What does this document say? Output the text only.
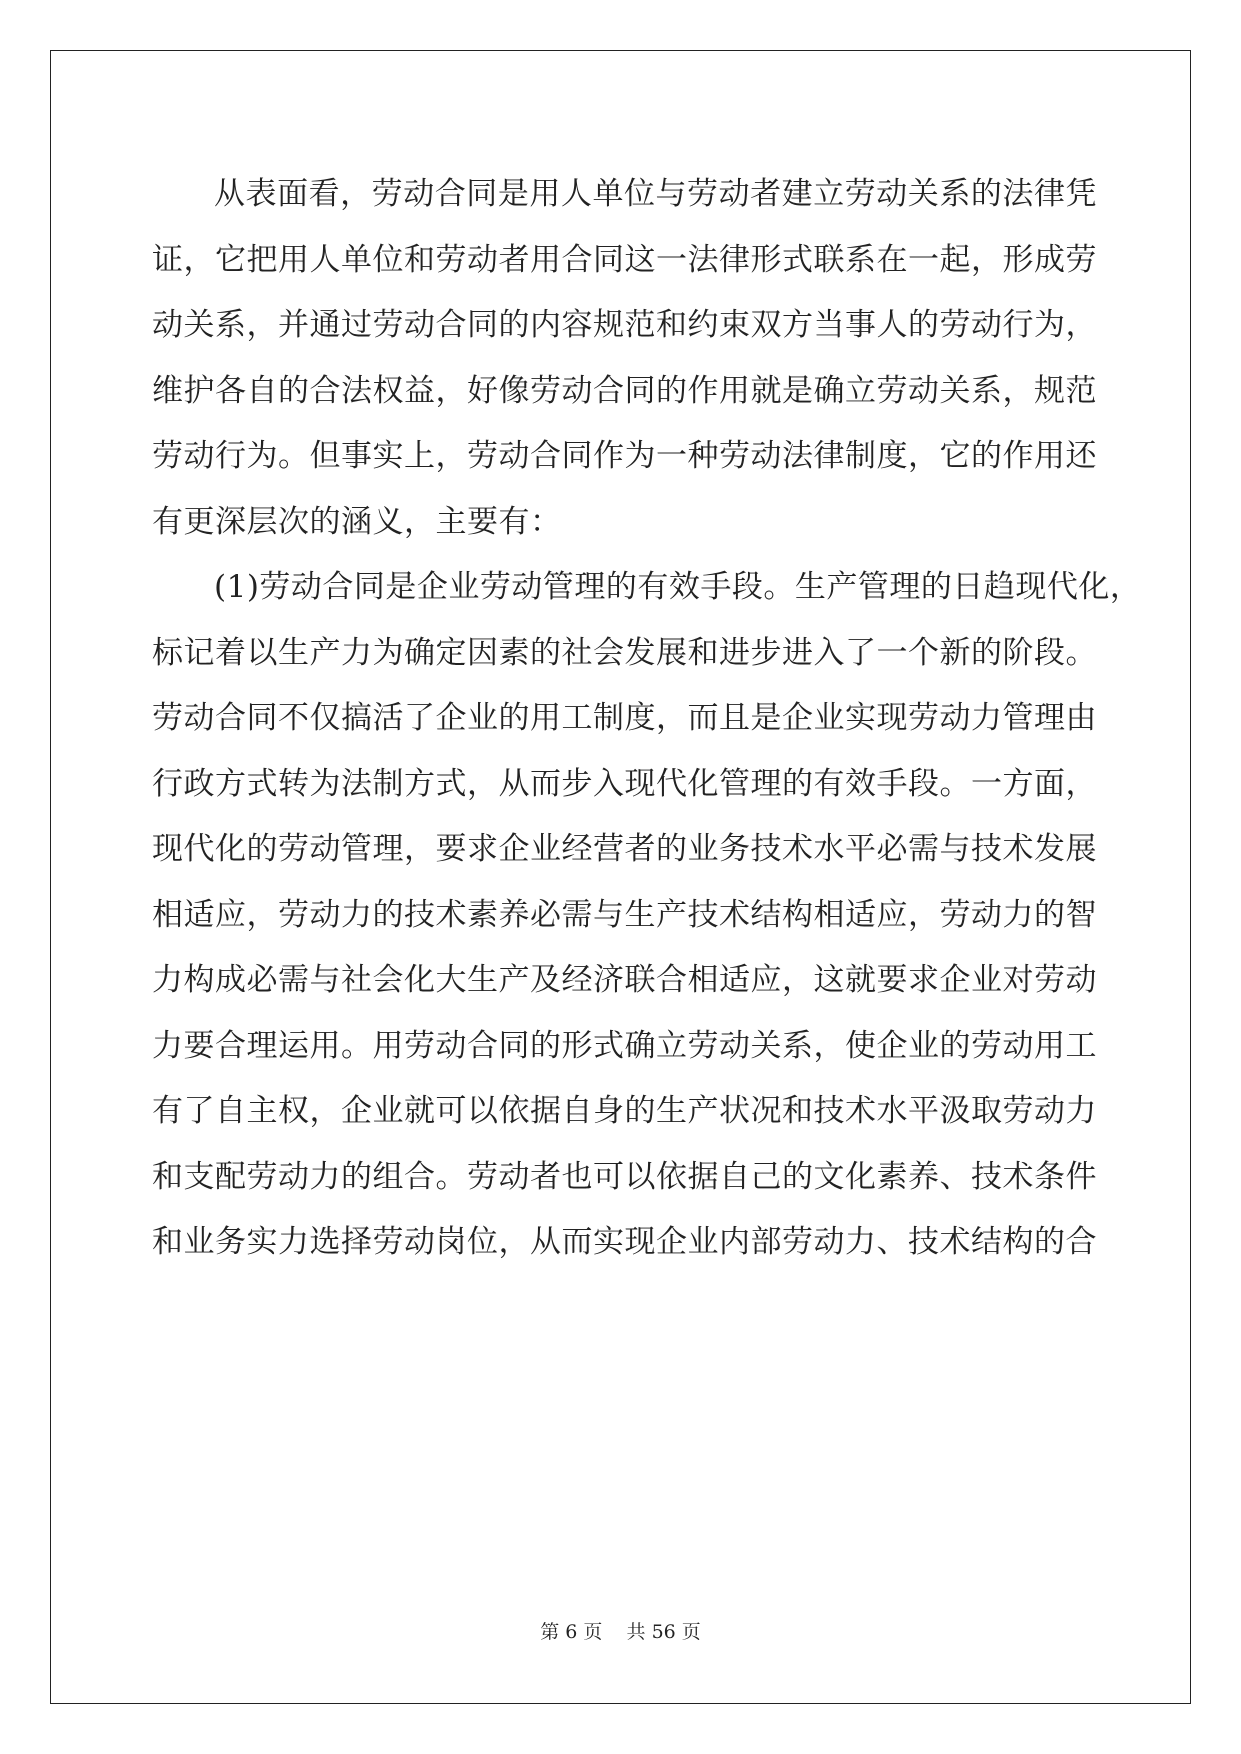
从表面看，劳动合同是用人单位与劳动者建立劳动关系的法律凭
证，它把用人单位和劳动者用合同这一法律形式联系在一起，形成劳
动关系，并通过劳动合同的内容规范和约束双方当事人的劳动行为，
维护各自的合法权益，好像劳动合同的作用就是确立劳动关系，规范
劳动行为。但事实上，劳动合同作为一种劳动法律制度，它的作用还
有更深层次的涵义，主要有：

(1)劳动合同是企业劳动管理的有效手段。生产管理的日趋现代化，
标记着以生产力为确定因素的社会发展和进步进入了一个新的阶段。
劳动合同不仅搞活了企业的用工制度，而且是企业实现劳动力管理由
行政方式转为法制方式，从而步入现代化管理的有效手段。一方面，
现代化的劳动管理，要求企业经营者的业务技术水平必需与技术发展
相适应，劳动力的技术素养必需与生产技术结构相适应，劳动力的智
力构成必需与社会化大生产及经济联合相适应，这就要求企业对劳动
力要合理运用。用劳动合同的形式确立劳动关系，使企业的劳动用工
有了自主权，企业就可以依据自身的生产状况和技术水平汲取劳动力
和支配劳动力的组合。劳动者也可以依据自己的文化素养、技术条件
和业务实力选择劳动岗位，从而实现企业内部劳动力、技术结构的合

第 6 页 共 56 页
